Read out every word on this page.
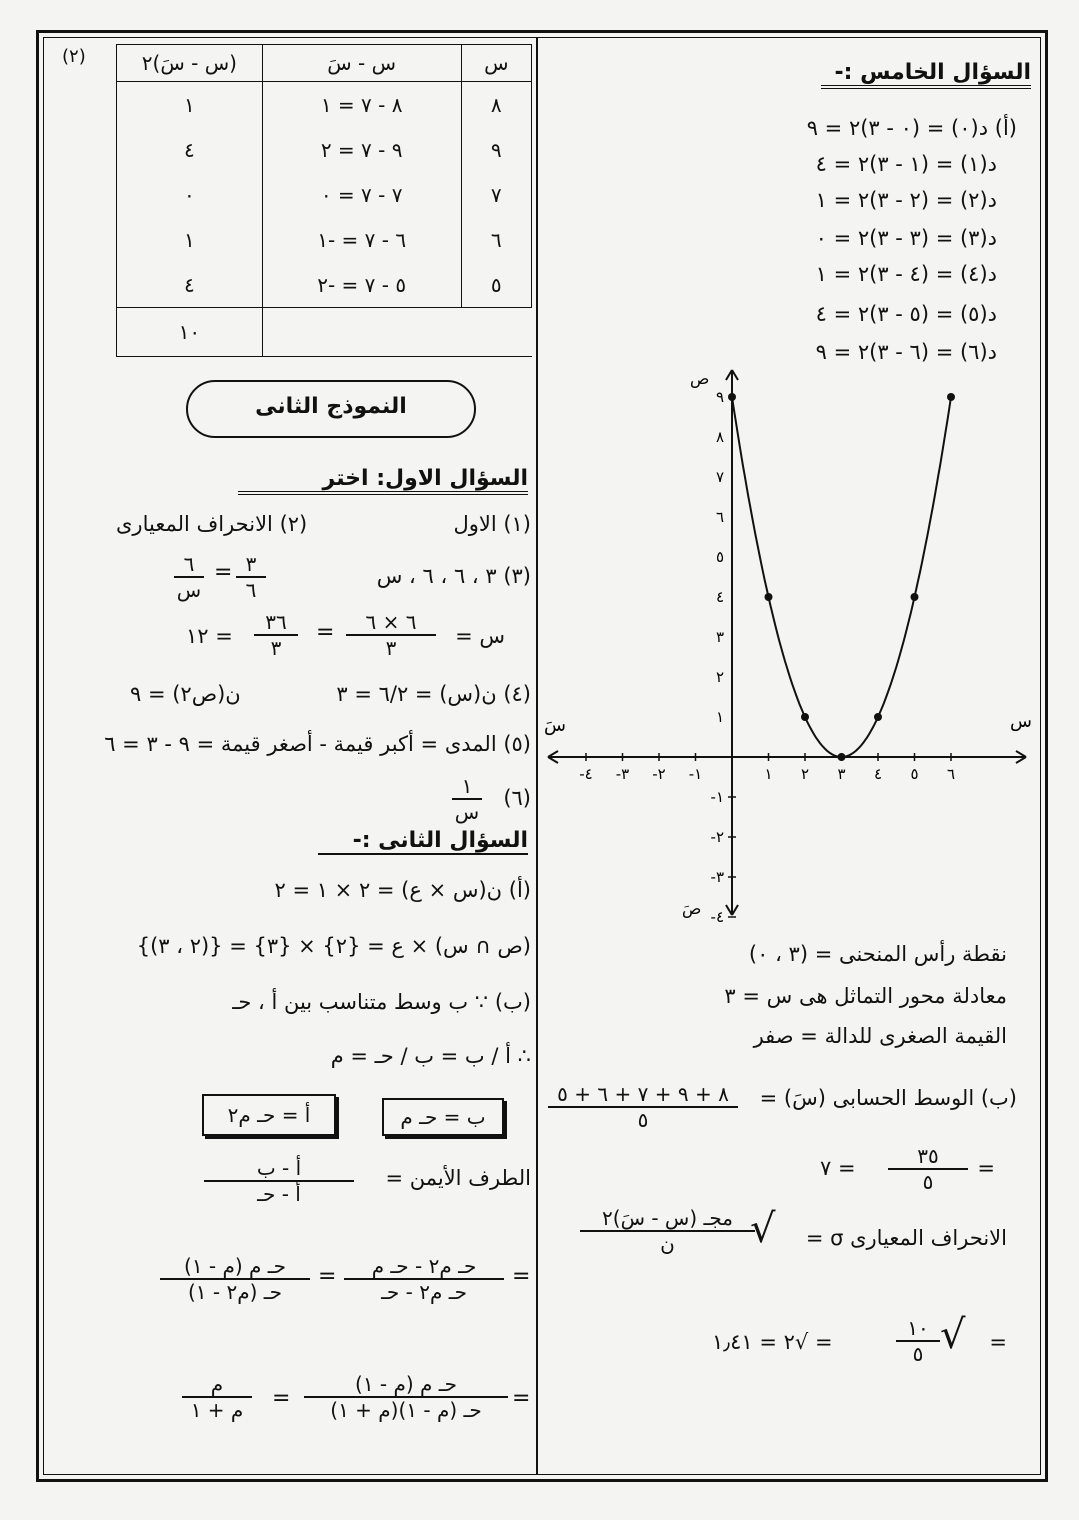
(٢)	س	س - سَ	(س - سَ)٢
٨	٨ - ٧ = ١	١
٩	٩ - ٧ = ٢	٤
٧	٧ - ٧ = ٠	٠
٦	٦ - ٧ = -١	١
٥	٥ - ٧ = -٢	٤
		١٠
السؤال الخامس :-
(أ) د(٠) = (٠ - ٣)٢ = ٩
د(١) = (١ - ٣)٢ = ٤
د(٢) = (٢ - ٣)٢ = ١
د(٣) = (٣ - ٣)٢ = ٠
د(٤) = (٤ - ٣)٢ = ١
د(٥) = (٥ - ٣)٢ = ٤
د(٦) = (٦ - ٣)٢ = ٩
س
سَ
ص
صَ
١ ٢ ٣ ٤ ٥ ٦
-١
-٢
-٣
-٤
١
٢
٣
٤
٥
٦
٧
٨
٩
-١
-٢
-٣
-٤
نقطة رأس المنحنى = (٣ ، ٠)
معادلة محور التماثل هى س = ٣
القيمة الصغرى للدالة = صفر
(ب) الوسط الحسابى (سَ) =
٨ + ٩ + ٧ + ٦ + ٥
٥
=
٣٥
٥
= ٧
الانحراف المعيارى σ =
مجـ (س - سَ)٢
ن	√
=
√
١٠
٥
= √٢ = ١٫٤١
النموذج الثانى
السؤال الاول: اختر
(١) الاول
(٢) الانحراف المعيارى
(٣) ٣ ، ٦ ، ٦ ، س
٣
٦
=
٦
س
س =
٦ × ٦
٣
=
٣٦
٣
= ١٢
(٤) ن(س) = ٦/٢ = ٣
ن(ص٢) = ٩
(٥) المدى = أكبر قيمة - أصغر قيمة = ٩ - ٣ = ٦
(٦)
١
س
السؤال الثانى :-
(أ) ن(س × ع) = ٢ × ١ = ٢
(ص ∩ س) × ع = {٢} × {٣} = {(٢ ، ٣)}
(ب) ∵ ب وسط متناسب بين أ ، حـ
∴ أ / ب = ب / حـ = م
ب = حـ م
أ = حـ م٢
الطرف الأيمن =
أ - ب
أ - حـ
=
حـ م٢ - حـ م
حـ م٢ - حـ
=
حـ م (م - ١)
حـ (م٢ - ١)
=
حـ م (م - ١)
حـ (م - ١)(م + ١)
=
م
م + ١
